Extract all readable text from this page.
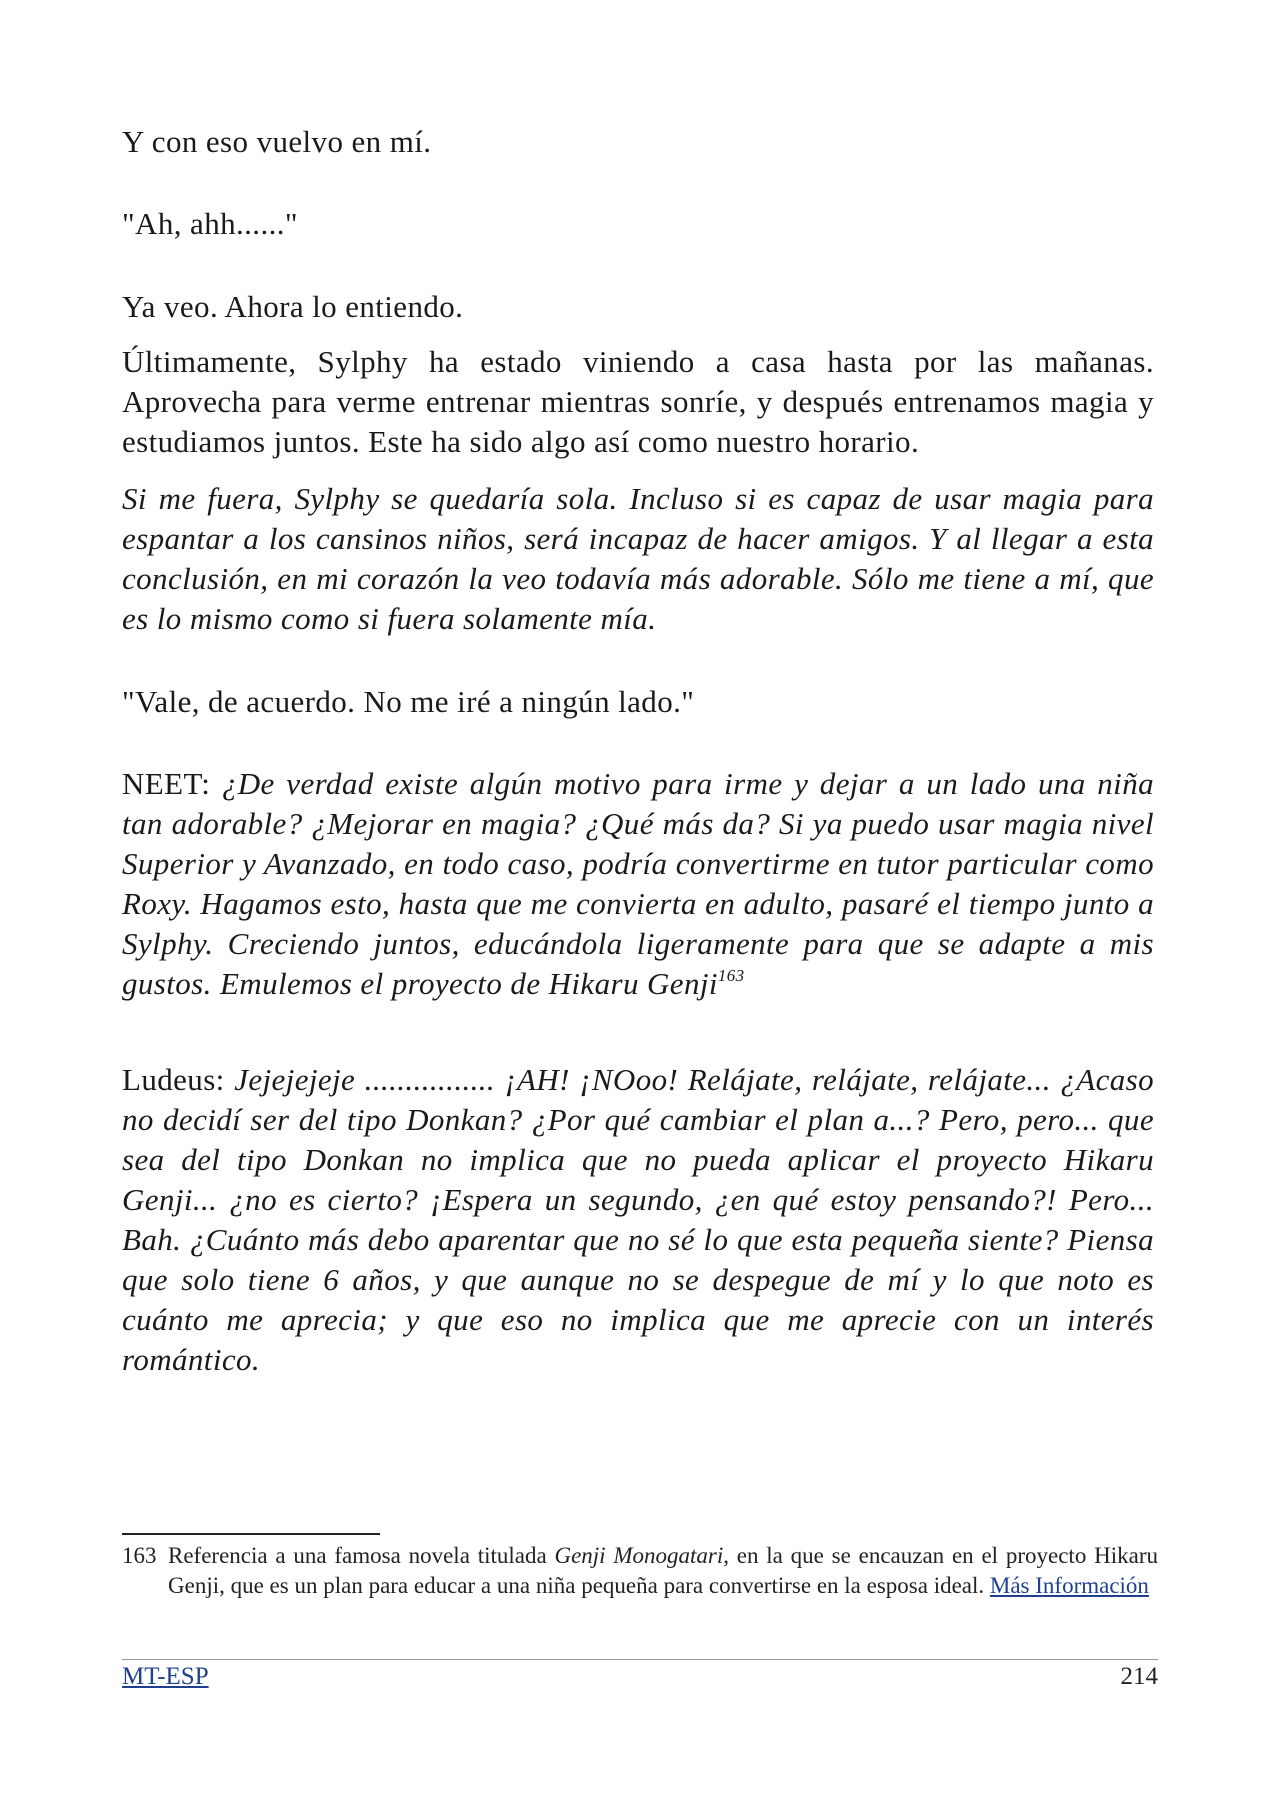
Y con eso vuelvo en mí.

"Ah, ahh......"

Ya veo. Ahora lo entiendo.

Últimamente, Sylphy ha estado viniendo a casa hasta por las mañanas. Aprovecha para verme entrenar mientras sonríe, y después entrenamos magia y estudiamos juntos. Este ha sido algo así como nuestro horario.

Si me fuera, Sylphy se quedaría sola. Incluso si es capaz de usar magia para espantar a los cansinos niños, será incapaz de hacer amigos. Y al llegar a esta conclusión, en mi corazón la veo todavía más adorable. Sólo me tiene a mí, que es lo mismo como si fuera solamente mía.

"Vale, de acuerdo. No me iré a ningún lado."

NEET: ¿De verdad existe algún motivo para irme y dejar a un lado una niña tan adorable? ¿Mejorar en magia? ¿Qué más da? Si ya puedo usar magia nivel Superior y Avanzado, en todo caso, podría convertirme en tutor particular como Roxy. Hagamos esto, hasta que me convierta en adulto, pasaré el tiempo junto a Sylphy. Creciendo juntos, educándola ligeramente para que se adapte a mis gustos. Emulemos el proyecto de Hikaru Genji$^{163}$

Ludeus: Jejejejeje ................ ¡AH! ¡NOoo! Relájate, relájate, relájate... ¿Acaso no decidí ser del tipo Donkan? ¿Por qué cambiar el plan a...? Pero, pero... que sea del tipo Donkan no implica que no pueda aplicar el proyecto Hikaru Genji... ¿no es cierto? ¡Espera un segundo, ¿en qué estoy pensando?! Pero... Bah. ¿Cuánto más debo aparentar que no sé lo que esta pequeña siente? Piensa que solo tiene 6 años, y que aunque no se despegue de mí y lo que noto es cuánto me aprecia; y que eso no implica que me aprecie con un interés romántico.

163 Referencia a una famosa novela titulada Genji Monogatari, en la que se encauzan en el proyecto Hikaru Genji, que es un plan para educar a una niña pequeña para convertirse en la esposa ideal. Más Información
MT-ESP	214
